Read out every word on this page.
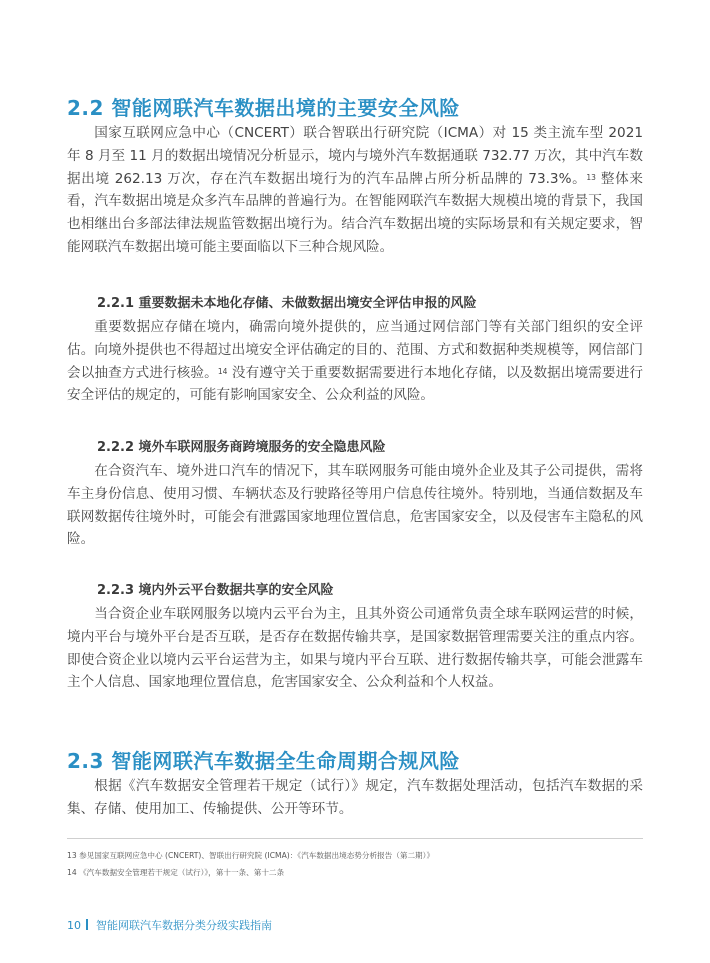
2.2 智能网联汽车数据出境的主要安全风险

国家互联网应急中心（CNCERT）联合智联出行研究院（ICMA）对 15 类主流车型 2021 年 8 月至 11 月的数据出境情况分析显示，境内与境外汽车数据通联 732.77 万次，其中汽车数据出境 262.13 万次，存在汽车数据出境行为的汽车品牌占所分析品牌的 73.3%。$^{13}$ 整体来看，汽车数据出境是众多汽车品牌的普遍行为。在智能网联汽车数据大规模出境的背景下，我国也相继出台多部法律法规监管数据出境行为。结合汽车数据出境的实际场景和有关规定要求，智能网联汽车数据出境可能主要面临以下三种合规风险。

2.2.1 重要数据未本地化存储、未做数据出境安全评估申报的风险

重要数据应存储在境内，确需向境外提供的，应当通过网信部门等有关部门组织的安全评估。向境外提供也不得超过出境安全评估确定的目的、范围、方式和数据种类规模等，网信部门会以抽查方式进行核验。$^{14}$ 没有遵守关于重要数据需要进行本地化存储，以及数据出境需要进行安全评估的规定的，可能有影响国家安全、公众利益的风险。

2.2.2 境外车联网服务商跨境服务的安全隐患风险

在合资汽车、境外进口汽车的情况下，其车联网服务可能由境外企业及其子公司提供，需将车主身份信息、使用习惯、车辆状态及行驶路径等用户信息传往境外。特别地，当通信数据及车联网数据传往境外时，可能会有泄露国家地理位置信息，危害国家安全，以及侵害车主隐私的风险。

2.2.3 境内外云平台数据共享的安全风险

当合资企业车联网服务以境内云平台为主，且其外资公司通常负责全球车联网运营的时候，境内平台与境外平台是否互联，是否存在数据传输共享，是国家数据管理需要关注的重点内容。即使合资企业以境内云平台运营为主，如果与境内平台互联、进行数据传输共享，可能会泄露车主个人信息、国家地理位置信息，危害国家安全、公众利益和个人权益。

2.3 智能网联汽车数据全生命周期合规风险

根据《汽车数据安全管理若干规定（试行）》规定，汽车数据处理活动，包括汽车数据的采集、存储、使用加工、传输提供、公开等环节。

13 参见国家互联网应急中心 (CNCERT)、智联出行研究院 (ICMA)：《汽车数据出境态势分析报告（第二期）》
14 《汽车数据安全管理若干规定（试行）》，第十一条、第十二条
10 智能网联汽车数据分类分级实践指南
